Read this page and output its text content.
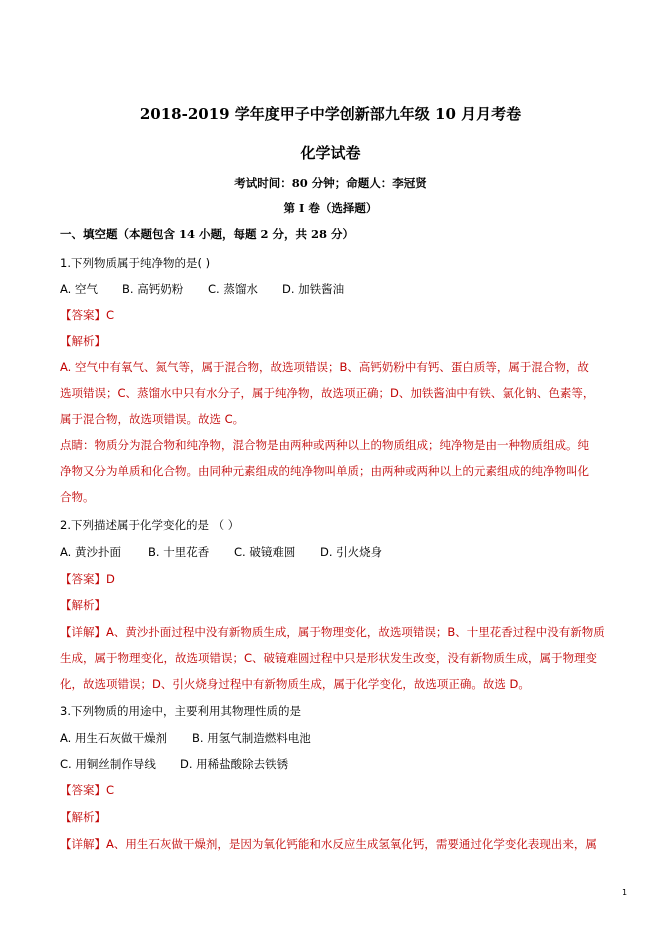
2018-2019 学年度甲子中学创新部九年级 10 月月考卷
化学试卷
考试时间：80 分钟；命题人：李冠贤
第 I 卷（选择题）
一、填空题（本题包含 14 小题，每题 2 分，共 28 分）
1.下列物质属于纯净物的是( )
A. 空气 B. 高钙奶粉 C. 蒸馏水 D. 加铁酱油
【答案】C
【解析】
A. 空气中有氧气、氮气等，属于混合物，故选项错误；B、高钙奶粉中有钙、蛋白质等，属于混合物，故
选项错误；C、蒸馏水中只有水分子，属于纯净物，故选项正确；D、加铁酱油中有铁、氯化钠、色素等，
属于混合物，故选项错误。故选 C。
点睛：物质分为混合物和纯净物，混合物是由两种或两种以上的物质组成；纯净物是由一种物质组成。纯
净物又分为单质和化合物。由同种元素组成的纯净物叫单质；由两种或两种以上的元素组成的纯净物叫化
合物。
2.下列描述属于化学变化的是 （ ）
A. 黄沙扑面 B. 十里花香 C. 破镜难圆 D. 引火烧身
【答案】D
【解析】
【详解】A、黄沙扑面过程中没有新物质生成，属于物理变化，故选项错误；B、十里花香过程中没有新物质
生成，属于物理变化，故选项错误；C、破镜难圆过程中只是形状发生改变，没有新物质生成，属于物理变
化，故选项错误；D、引火烧身过程中有新物质生成，属于化学变化，故选项正确。故选 D。
3.下列物质的用途中，主要利用其物理性质的是
A. 用生石灰做干燥剂 B. 用氢气制造燃料电池
C. 用铜丝制作导线 D. 用稀盐酸除去铁锈
【答案】C
【解析】
【详解】A、用生石灰做干燥剂，是因为氧化钙能和水反应生成氢氧化钙，需要通过化学变化表现出来，属
1
